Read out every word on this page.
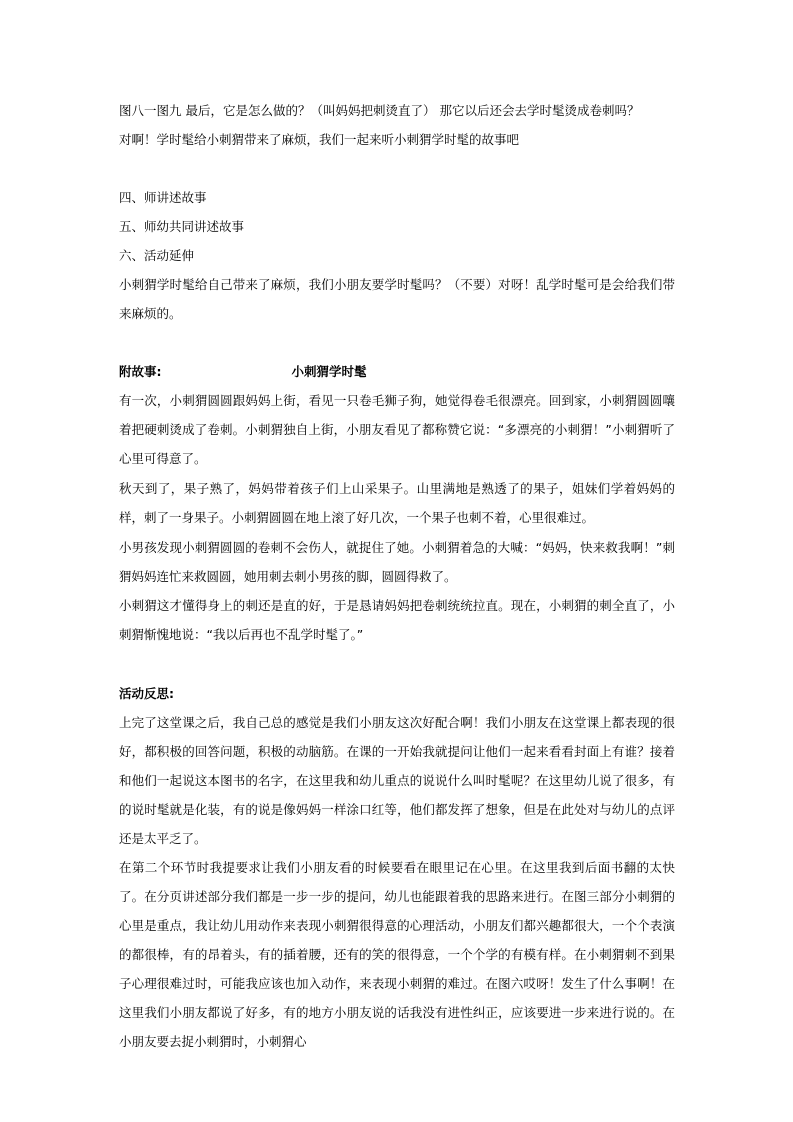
图八一图九 最后，它是怎么做的？（叫妈妈把刺烫直了） 那它以后还会去学时髦烫成卷刺吗？
对啊！学时髦给小刺猬带来了麻烦，我们一起来听小刺猬学时髦的故事吧
四、师讲述故事
五、师幼共同讲述故事
六、活动延伸
小刺猬学时髦给自己带来了麻烦，我们小朋友要学时髦吗？（不要）对呀！乱学时髦可是会给我们带来麻烦的。
附故事:	小刺猬学时髦
有一次，小刺猬圆圆跟妈妈上街，看见一只卷毛狮子狗，她觉得卷毛很漂亮。回到家，小刺猬圆圆嚷着把硬刺烫成了卷刺。小刺猬独自上街，小朋友看见了都称赞它说：“多漂亮的小刺猬！”小刺猬听了心里可得意了。
秋天到了，果子熟了，妈妈带着孩子们上山采果子。山里满地是熟透了的果子，姐妹们学着妈妈的样，刺了一身果子。小刺猬圆圆在地上滚了好几次，一个果子也刺不着，心里很难过。
小男孩发现小刺猬圆圆的卷刺不会伤人，就捉住了她。小刺猬着急的大喊：“妈妈，快来救我啊！”刺猬妈妈连忙来救圆圆，她用刺去刺小男孩的脚，圆圆得救了。
小刺猬这才懂得身上的刺还是直的好，于是恳请妈妈把卷刺统统拉直。现在，小刺猬的刺全直了，小刺猬惭愧地说：“我以后再也不乱学时髦了。”
活动反思:
上完了这堂课之后，我自己总的感觉是我们小朋友这次好配合啊！我们小朋友在这堂课上都表现的很好，都积极的回答问题，积极的动脑筋。在课的一开始我就提问让他们一起来看看封面上有谁？接着和他们一起说这本图书的名字，在这里我和幼儿重点的说说什么叫时髦呢？在这里幼儿说了很多，有的说时髦就是化装，有的说是像妈妈一样涂口红等，他们都发挥了想象，但是在此处对与幼儿的点评还是太平乏了。
在第二个环节时我提要求让我们小朋友看的时候要看在眼里记在心里。在这里我到后面书翻的太快了。在分页讲述部分我们都是一步一步的提问，幼儿也能跟着我的思路来进行。在图三部分小刺猬的心里是重点，我让幼儿用动作来表现小刺猬很得意的心理活动，小朋友们都兴趣都很大，一个个表演的都很棒，有的昂着头，有的插着腰，还有的笑的很得意，一个个学的有模有样。在小刺猬刺不到果子心理很难过时，可能我应该也加入动作，来表现小刺猬的难过。在图六哎呀！发生了什么事啊！在这里我们小朋友都说了好多，有的地方小朋友说的话我没有进性纠正，应该要进一步来进行说的。在小朋友要去捉小刺猬时，小刺猬心
